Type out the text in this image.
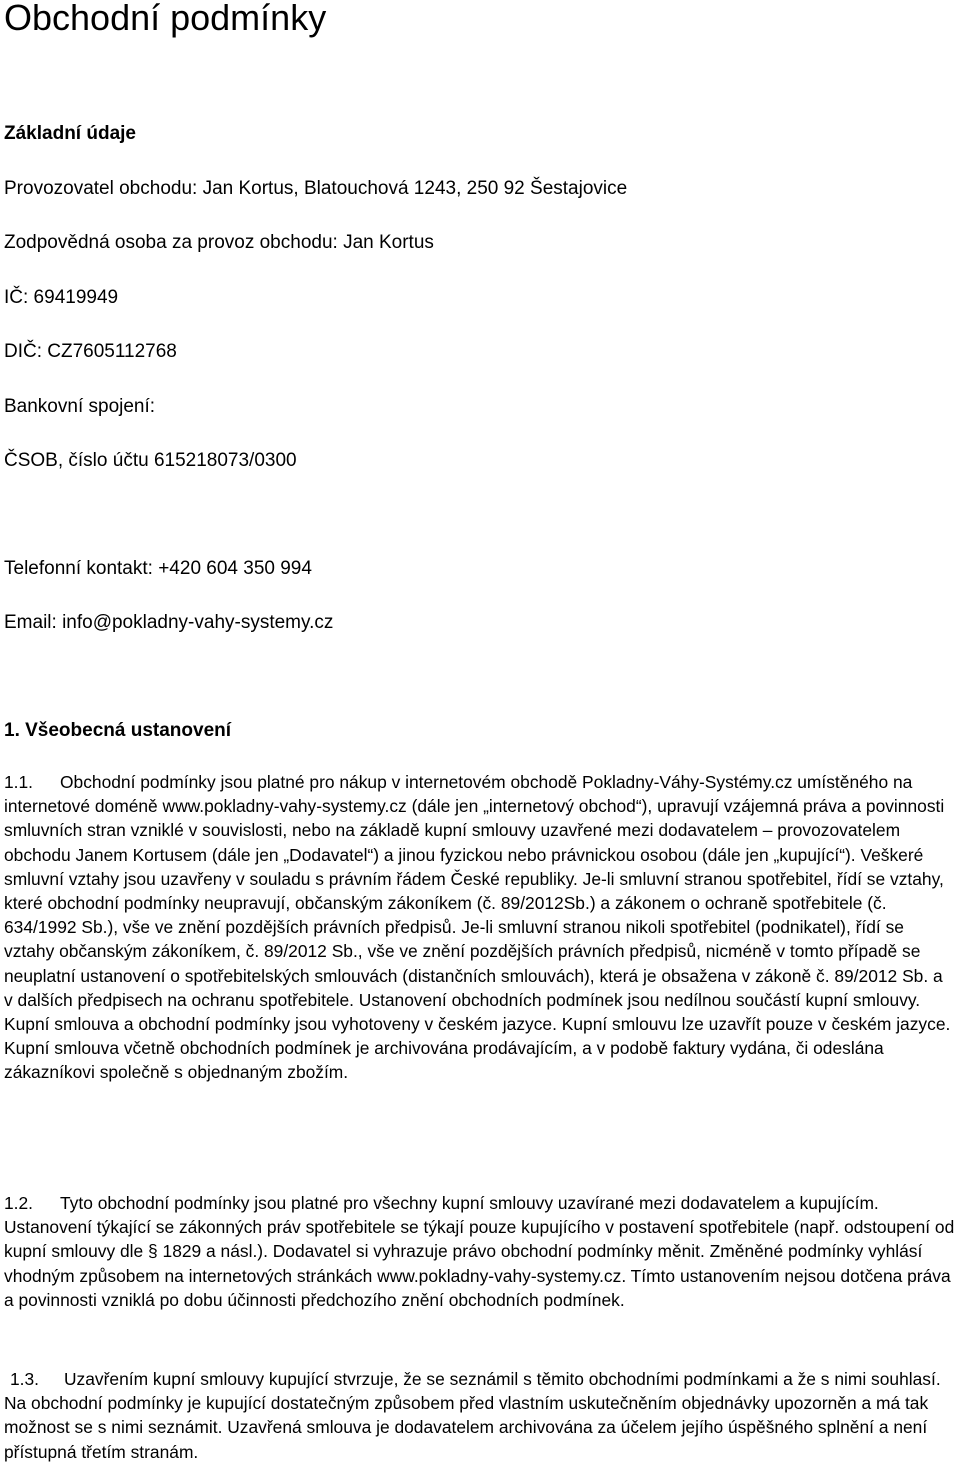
Obchodní podmínky

Základní údaje

Provozovatel obchodu: Jan Kortus, Blatouchová 1243, 250 92 Šestajovice

Zodpovědná osoba za provoz obchodu: Jan Kortus

IČ: 69419949

DIČ: CZ7605112768

Bankovní spojení:

ČSOB, číslo účtu 615218073/0300

Telefonní kontakt: +420 604 350 994

Email: info@pokladny-vahy-systemy.cz

1. Všeobecná ustanovení

1.1. Obchodní podmínky jsou platné pro nákup v internetovém obchodě Pokladny-Váhy-Systémy.cz umístěného na internetové doméně www.pokladny-vahy-systemy.cz (dále jen „internetový obchod“), upravují vzájemná práva a povinnosti smluvních stran vzniklé v souvislosti, nebo na základě kupní smlouvy uzavřené mezi dodavatelem – provozovatelem obchodu Janem Kortusem (dále jen „Dodavatel“) a jinou fyzickou nebo právnickou osobou (dále jen „kupující“). Veškeré smluvní vztahy jsou uzavřeny v souladu s právním řádem České republiky. Je-li smluvní stranou spotřebitel, řídí se vztahy, které obchodní podmínky neupravují, občanským zákoníkem (č. 89/2012Sb.) a zákonem o ochraně spotřebitele (č. 634/1992 Sb.), vše ve znění pozdějších právních předpisů. Je-li smluvní stranou nikoli spotřebitel (podnikatel), řídí se vztahy občanským zákoníkem, č. 89/2012 Sb., vše ve znění pozdějších právních předpisů, nicméně v tomto případě se neuplatní ustanovení o spotřebitelských smlouvách (distančních smlouvách), která je obsažena v zákoně č. 89/2012 Sb. a v dalších předpisech na ochranu spotřebitele. Ustanovení obchodních podmínek jsou nedílnou součástí kupní smlouvy. Kupní smlouva a obchodní podmínky jsou vyhotoveny v českém jazyce. Kupní smlouvu lze uzavřít pouze v českém jazyce. Kupní smlouva včetně obchodních podmínek je archivována prodávajícím, a v podobě faktury vydána, či odeslána zákazníkovi společně s objednaným zbožím.

1.2. Tyto obchodní podmínky jsou platné pro všechny kupní smlouvy uzavírané mezi dodavatelem a kupujícím. Ustanovení týkající se zákonných práv spotřebitele se týkají pouze kupujícího v postavení spotřebitele (např. odstoupení od kupní smlouvy dle § 1829 a násl.). Dodavatel si vyhrazuje právo obchodní podmínky měnit. Změněné podmínky vyhlásí vhodným způsobem na internetových stránkách www.pokladny-vahy-systemy.cz. Tímto ustanovením nejsou dotčena práva a povinnosti vzniklá po dobu účinnosti předchozího znění obchodních podmínek.

1.3. Uzavřením kupní smlouvy kupující stvrzuje, že se seznámil s těmito obchodními podmínkami a že s nimi souhlasí. Na obchodní podmínky je kupující dostatečným způsobem před vlastním uskutečněním objednávky upozorněn a má tak možnost se s nimi seznámit. Uzavřená smlouva je dodavatelem archivována za účelem jejího úspěšného splnění a není přístupná třetím stranám.
